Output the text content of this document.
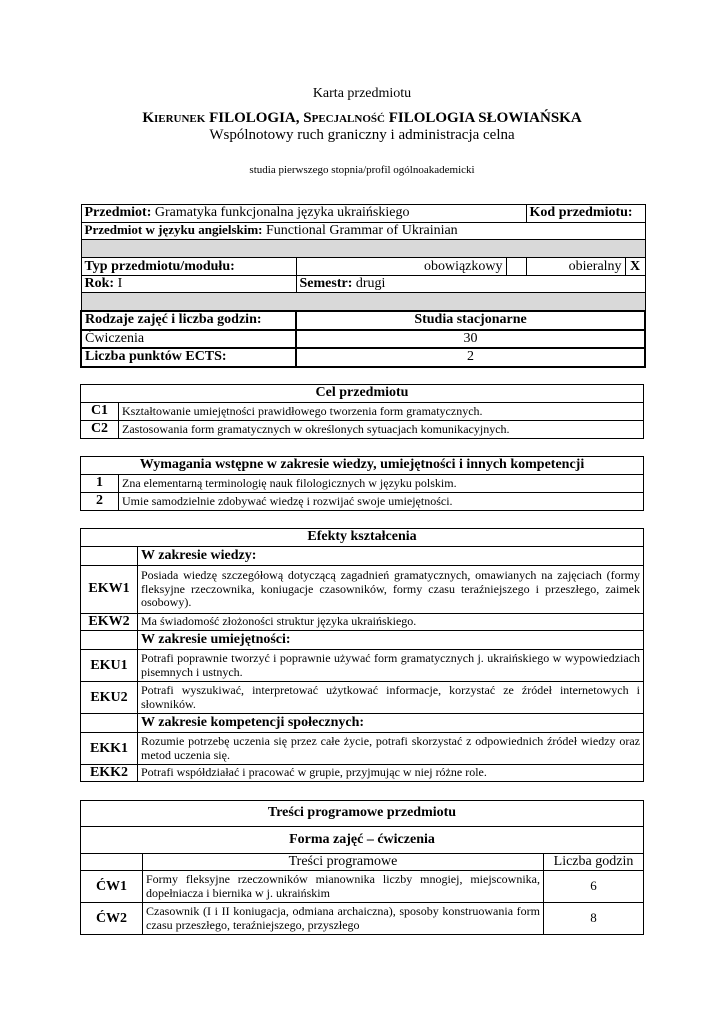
Karta przedmiotu
Kierunek FILOLOGIA, Specjalność FILOLOGIA SŁOWIAŃSKA
Wspólnotowy ruch graniczny i administracja celna
studia pierwszego stopnia/profil ogólnoakademicki
Przedmiot: Gramatyka funkcjonalna języka ukraińskiego			Kod przedmiotu:	
Przedmiot w języku angielskim: Functional Grammar of Ukrainian				

Typ przedmiotu/modułu:	obowiązkowy		obieralny	X
Rok: I	Semestr: drugi			

Rodzaje zajęć i liczba godzin:	Studia stacjonarne			
Ćwiczenia	30			
Liczba punktów ECTS:	2			
Cel przedmiotu	
C1	Kształtowanie umiejętności prawidłowego tworzenia form gramatycznych.
C2	Zastosowania form gramatycznych w określonych sytuacjach komunikacyjnych.
Wymagania wstępne w zakresie wiedzy, umiejętności i innych kompetencji	
1	Zna elementarną terminologię nauk filologicznych w języku polskim.
2	Umie samodzielnie zdobywać wiedzę i rozwijać swoje umiejętności.
Efekty kształcenia	
	W zakresie wiedzy:
EKW1	Posiada wiedzę szczegółową dotyczącą zagadnień gramatycznych, omawianych na zajęciach (formy fleksyjne rzeczownika, koniugacje czasowników, formy czasu teraźniejszego i przeszłego, zaimek osobowy).
EKW2	Ma świadomość złożoności struktur języka ukraińskiego.
	W zakresie umiejętności:
EKU1	Potrafi poprawnie tworzyć i poprawnie używać form gramatycznych j. ukraińskiego w wypowiedziach pisemnych i ustnych.
EKU2	Potrafi wyszukiwać, interpretować użytkować informacje, korzystać ze źródeł internetowych i słowników.
	W zakresie kompetencji społecznych:
EKK1	Rozumie potrzebę uczenia się przez całe życie, potrafi skorzystać z odpowiednich źródeł wiedzy oraz metod uczenia się.
EKK2	Potrafi współdziałać i pracować w grupie, przyjmując w niej różne role.
Treści programowe przedmiotu		
Forma zajęć – ćwiczenia		
	Treści programowe	Liczba godzin
ĆW1	Formy fleksyjne rzeczowników mianownika liczby mnogiej, miejscownika, dopełniacza i biernika w j. ukraińskim	6
ĆW2	Czasownik (I i II koniugacja, odmiana archaiczna), sposoby konstruowania form czasu przeszłego, teraźniejszego, przyszłego	8
